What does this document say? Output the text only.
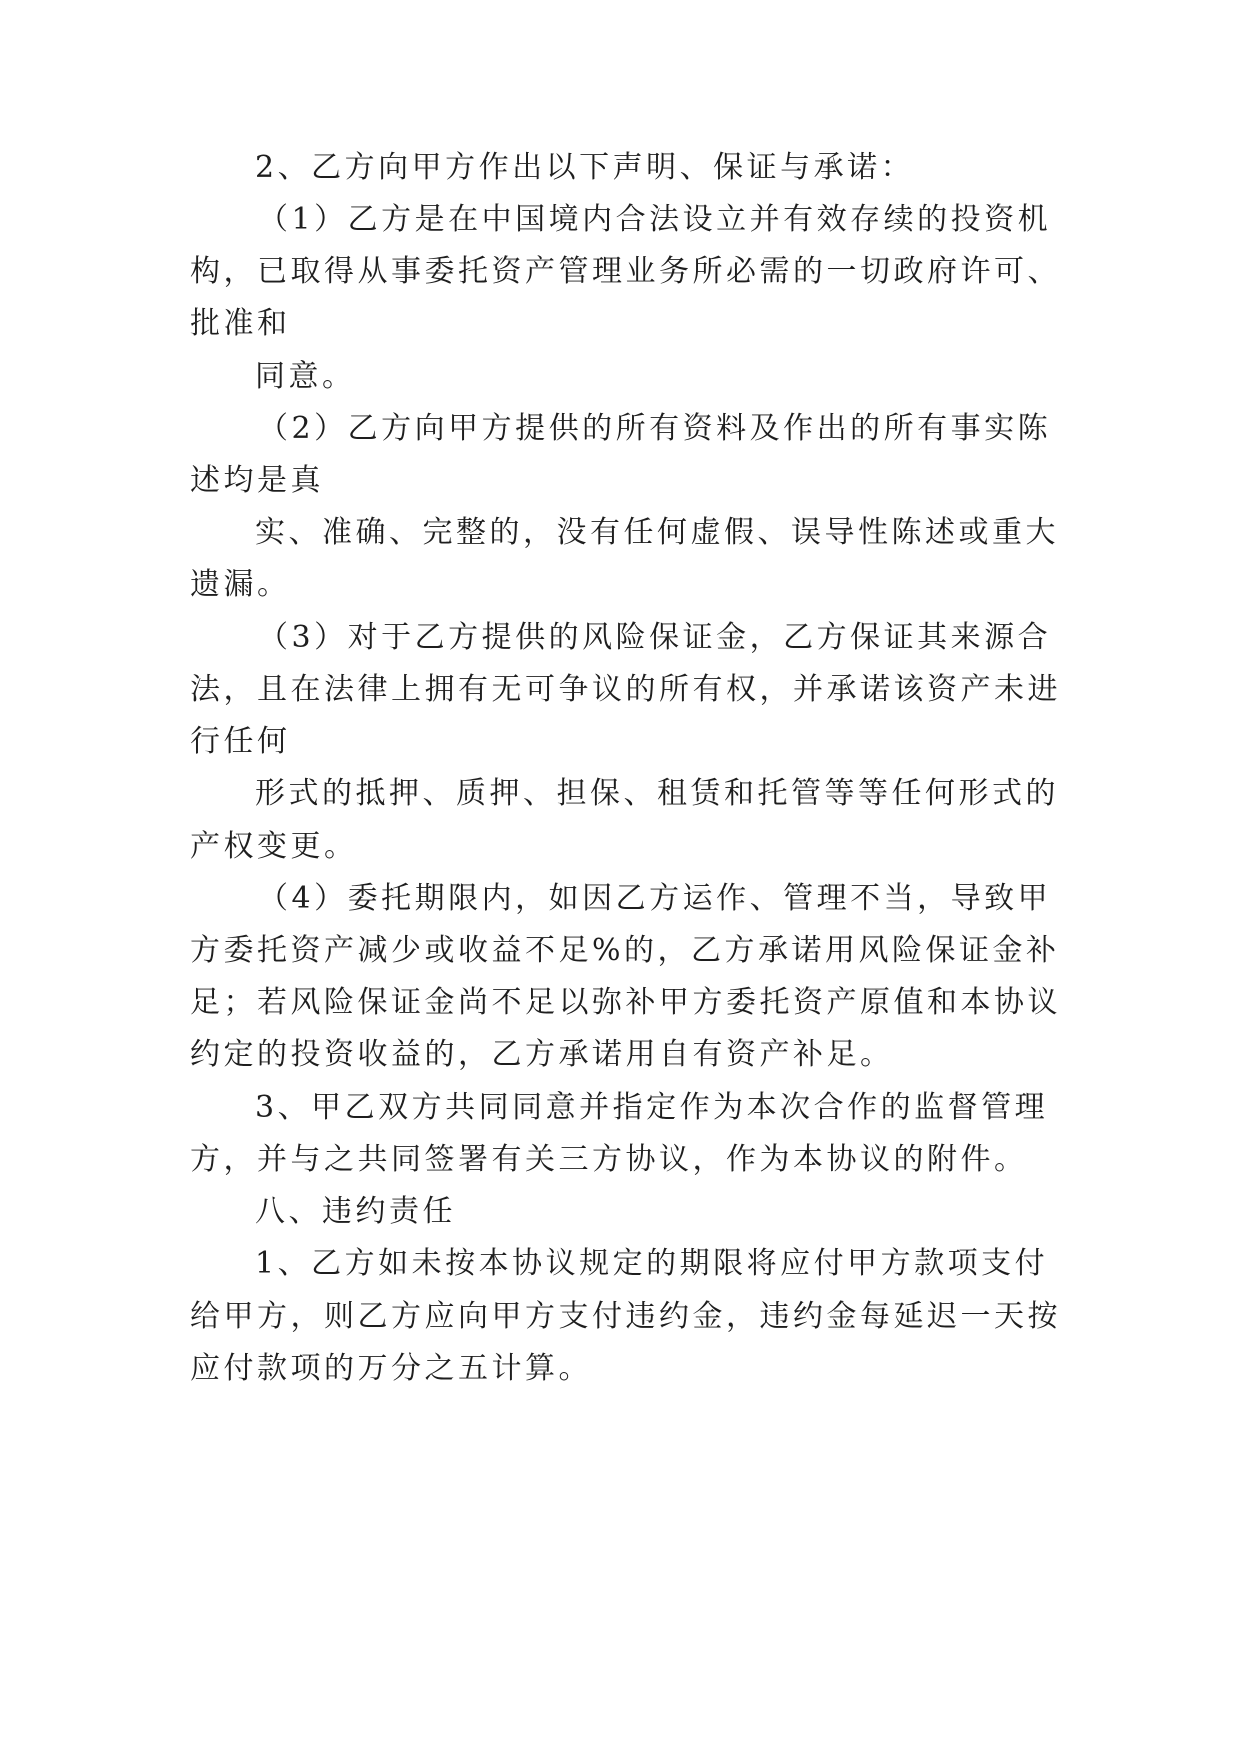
2、乙方向甲方作出以下声明、保证与承诺：
（1）乙方是在中国境内合法设立并有效存续的投资机
构，已取得从事委托资产管理业务所必需的一切政府许可、
批准和
同意。
（2）乙方向甲方提供的所有资料及作出的所有事实陈
述均是真
实、准确、完整的，没有任何虚假、误导性陈述或重大
遗漏。
（3）对于乙方提供的风险保证金，乙方保证其来源合
法，且在法律上拥有无可争议的所有权，并承诺该资产未进
行任何
形式的抵押、质押、担保、租赁和托管等等任何形式的
产权变更。
（4）委托期限内，如因乙方运作、管理不当，导致甲
方委托资产减少或收益不足%的，乙方承诺用风险保证金补
足；若风险保证金尚不足以弥补甲方委托资产原值和本协议
约定的投资收益的，乙方承诺用自有资产补足。
3、甲乙双方共同同意并指定作为本次合作的监督管理
方，并与之共同签署有关三方协议，作为本协议的附件。
八、违约责任
1、乙方如未按本协议规定的期限将应付甲方款项支付
给甲方，则乙方应向甲方支付违约金，违约金每延迟一天按
应付款项的万分之五计算。
